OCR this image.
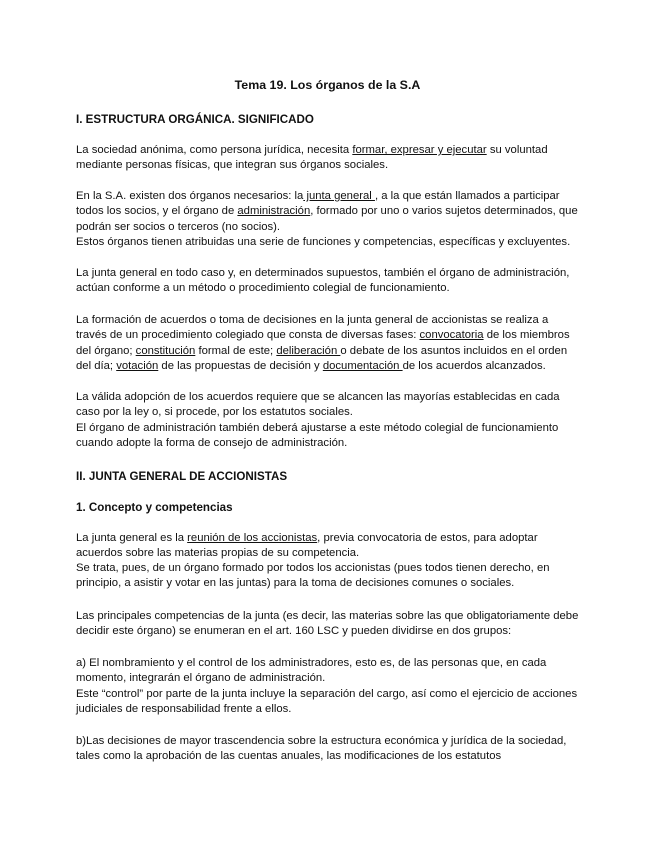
Tema 19. Los órganos de la S.A
I. ESTRUCTURA ORGÁNICA. SIGNIFICADO

La sociedad anónima, como persona jurídica, necesita formar, expresar y ejecutar su voluntad mediante personas físicas, que integran sus órganos sociales.

En la S.A. existen dos órganos necesarios: la junta general , a la que están llamados a participar todos los socios, y el órgano de administración, formado por uno o varios sujetos determinados, que podrán ser socios o terceros (no socios).

Estos órganos tienen atribuidas una serie de funciones y competencias, específicas y excluyentes.

La junta general en todo caso y, en determinados supuestos, también el órgano de administración, actúan conforme a un método o procedimiento colegial de funcionamiento.

La formación de acuerdos o toma de decisiones en la junta general de accionistas se realiza a través de un procedimiento colegiado que consta de diversas fases: convocatoria de los miembros del órgano; constitución formal de este; deliberación o debate de los asuntos incluidos en el orden del día; votación de las propuestas de decisión y documentación de los acuerdos alcanzados.

La válida adopción de los acuerdos requiere que se alcancen las mayorías establecidas en cada caso por la ley o, si procede, por los estatutos sociales.

El órgano de administración también deberá ajustarse a este método colegial de funcionamiento cuando adopte la forma de consejo de administración.

II. JUNTA GENERAL DE ACCIONISTAS
1. Concepto y competencias

La junta general es la reunión de los accionistas, previa convocatoria de estos, para adoptar acuerdos sobre las materias propias de su competencia.

Se trata, pues, de un órgano formado por todos los accionistas (pues todos tienen derecho, en principio, a asistir y votar en las juntas) para la toma de decisiones comunes o sociales.

Las principales competencias de la junta (es decir, las materias sobre las que obligatoriamente debe decidir este órgano) se enumeran en el art. 160 LSC y pueden dividirse en dos grupos:

a) El nombramiento y el control de los administradores, esto es, de las personas que, en cada momento, integrarán el órgano de administración.

Este “control” por parte de la junta incluye la separación del cargo, así como el ejercicio de acciones judiciales de responsabilidad frente a ellos.

b)Las decisiones de mayor trascendencia sobre la estructura económica y jurídica de la sociedad, tales como la aprobación de las cuentas anuales, las modificaciones de los estatutos
